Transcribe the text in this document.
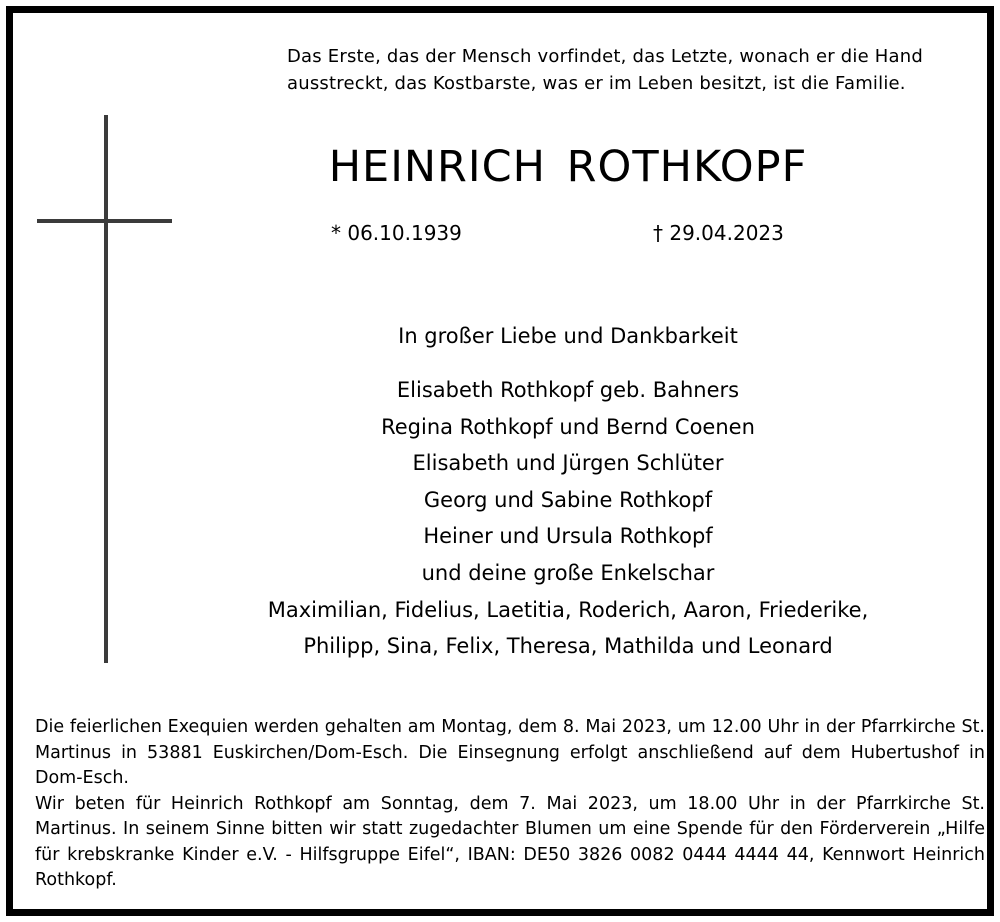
Das Erste, das der Mensch vorfindet, das Letzte, wonach er die Hand
ausstreckt, das Kostbarste, was er im Leben besitzt, ist die Familie.
HEINRICH ROTHKOPF
* 06.10.1939	† 29.04.2023
In großer Liebe und Dankbarkeit
Elisabeth Rothkopf geb. Bahners
Regina Rothkopf und Bernd Coenen
Elisabeth und Jürgen Schlüter
Georg und Sabine Rothkopf
Heiner und Ursula Rothkopf
und deine große Enkelschar
Maximilian, Fidelius, Laetitia, Roderich, Aaron, Friederike,
Philipp, Sina, Felix, Theresa, Mathilda und Leonard

Die feierlichen Exequien werden gehalten am Montag, dem 8. Mai 2023, um 12.00 Uhr in der Pfarrkirche St. Martinus in 53881 Euskirchen/Dom-Esch. Die Einsegnung erfolgt anschließend auf dem Hubertushof in Dom-Esch.

Wir beten für Heinrich Rothkopf am Sonntag, dem 7. Mai 2023, um 18.00 Uhr in der Pfarrkirche St. Martinus. In seinem Sinne bitten wir statt zugedachter Blumen um eine Spende für den Förderverein „Hilfe für krebskranke Kinder e.V. - Hilfsgruppe Eifel“, IBAN: DE50 3826 0082 0444 4444 44, Kennwort Heinrich Rothkopf.
